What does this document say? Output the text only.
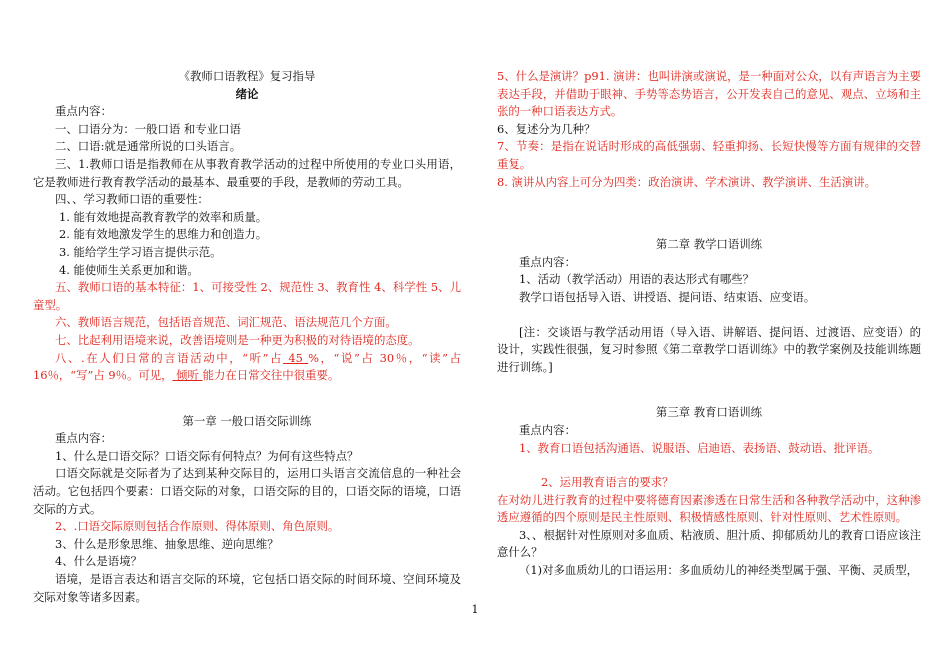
《教师口语教程》复习指导
绪论
重点内容：
一、口语分为：一般口语 和专业口语
二、口语:就是通常所说的口头语言。
三、1.教师口语是指教师在从事教育教学活动的过程中所使用的专业口头用语，它是教师进行教育教学活动的最基本、最重要的手段，是教师的劳动工具。
四、、学习教师口语的重要性：
1. 能有效地提高教育教学的效率和质量。
2. 能有效地激发学生的思维力和创造力。
3. 能给学生学习语言提供示范。
4. 能使师生关系更加和谐。
五、教师口语的基本特征：1、可接受性 2、规范性 3、教育性 4、科学性 5、儿童型。
六、教师语言规范，包括语音规范、词汇规范、语法规范几个方面。
七、比起利用语境来说，改善语境则是一种更为积极的对待语境的态度。
八、.在人们日常的言语活动中，“听”占 45 %，“说”占 30％，“读”占 16％，“写”占 9％。可见， 倾听 能力在日常交往中很重要。
第一章 一般口语交际训练
重点内容：
1、什么是口语交际？口语交际有何特点？为何有这些特点？
口语交际就是交际者为了达到某种交际目的，运用口头语言交流信息的一种社会活动。它包括四个要素：口语交际的对象，口语交际的目的，口语交际的语境，口语交际的方式。
2、.口语交际原则包括合作原则、得体原则、角色原则。
3、什么是形象思维、抽象思维、逆向思维？
4、什么是语境？
语境，是语言表达和语言交际的环境，它包括口语交际的时间环境、空间环境及交际对象等诸多因素。
5、什么是演讲？p91. 演讲：也叫讲演或演说，是一种面对公众，以有声语言为主要表达手段，并借助于眼神、手势等态势语言，公开发表自己的意见、观点、立场和主张的一种口语表达方式。
6、复述分为几种？
7、节奏：是指在说话时形成的高低强弱、轻重抑扬、长短快慢等方面有规律的交替重复。
8. 演讲从内容上可分为四类：政治演讲、学术演讲、教学演讲、生活演讲。
第二章 教学口语训练
重点内容：
1、活动（教学活动）用语的表达形式有哪些？
教学口语包括导入语、讲授语、提问语、结束语、应变语。
[注：交谈语与教学活动用语（导入语、讲解语、提问语、过渡语、应变语）的设计，实践性很强，复习时参照《第二章教学口语训练》中的教学案例及技能训练题进行训练。]
第三章 教育口语训练
重点内容：
1、教育口语包括沟通语、说服语、启迪语、表扬语、鼓动语、批评语。
2、运用教育语言的要求？
在对幼儿进行教育的过程中要将德育因素渗透在日常生活和各种教学活动中，这种渗透应遵循的四个原则是民主性原则、积极情感性原则、针对性原则、艺术性原则。
3、、根据针对性原则对多血质、粘液质、胆汁质、抑郁质幼儿的教育口语应该注意什么？
（1)对多血质幼儿的口语运用：多血质幼儿的神经类型属于强、平衡、灵质型，
1
